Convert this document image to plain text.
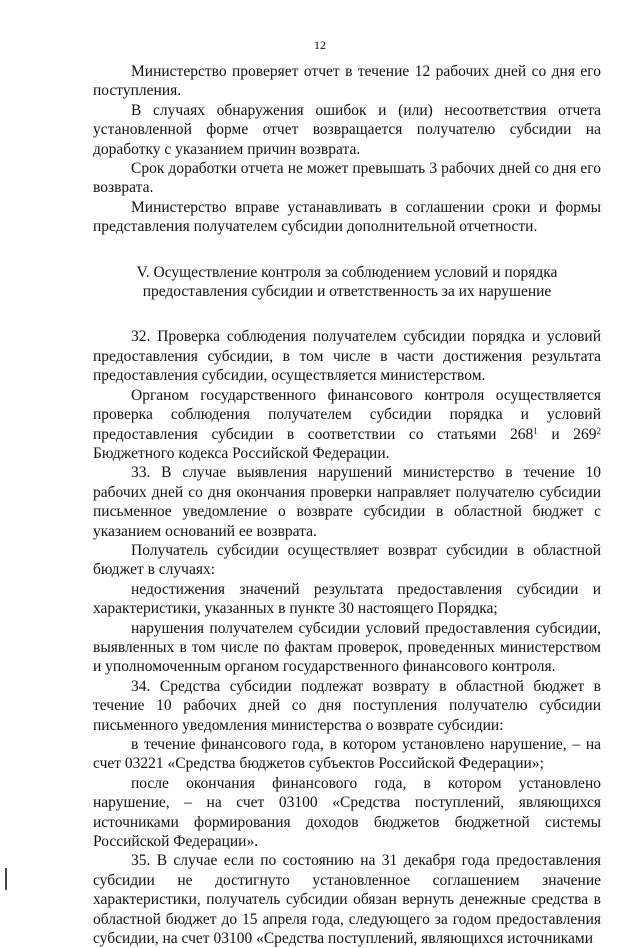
12

Министерство проверяет отчет в течение 12 рабочих дней со дня его поступления.

В случаях обнаружения ошибок и (или) несоответствия отчета установленной форме отчет возвращается получателю субсидии на доработку с указанием причин возврата.

Срок доработки отчета не может превышать 3 рабочих дней со дня его возврата.

Министерство вправе устанавливать в соглашении сроки и формы представления получателем субсидии дополнительной отчетности.

V. Осуществление контроля за соблюдением условий и порядка
предоставления субсидии и ответственность за их нарушение

32. Проверка соблюдения получателем субсидии порядка и условий предоставления субсидии, в том числе в части достижения результата предоставления субсидии, осуществляется министерством.

Органом государственного финансового контроля осуществляется проверка соблюдения получателем субсидии порядка и условий предоставления субсидии в соответствии со статьями $268^1$ и $269^2$ Бюджетного кодекса Российской Федерации.

33. В случае выявления нарушений министерство в течение 10 рабочих дней со дня окончания проверки направляет получателю субсидии письменное уведомление о возврате субсидии в областной бюджет с указанием оснований ее возврата.

Получатель субсидии осуществляет возврат субсидии в областной бюджет в случаях:

недостижения значений результата предоставления субсидии и характеристики, указанных в пункте 30 настоящего Порядка;

нарушения получателем субсидии условий предоставления субсидии, выявленных в том числе по фактам проверок, проведенных министерством и уполномоченным органом государственного финансового контроля.

34. Средства субсидии подлежат возврату в областной бюджет в течение 10 рабочих дней со дня поступления получателю субсидии письменного уведомления министерства о возврате субсидии:

в течение финансового года, в котором установлено нарушение, – на счет 03221 «Средства бюджетов субъектов Российской Федерации»;

после окончания финансового года, в котором установлено нарушение, – на счет 03100 «Средства поступлений, являющихся источниками формирования доходов бюджетов бюджетной системы Российской Федерации».

35. В случае если по состоянию на 31 декабря года предоставления субсидии не достигнуто установленное соглашением значение характеристики, получатель субсидии обязан вернуть денежные средства в областной бюджет до 15 апреля года, следующего за годом предоставления субсидии, на счет 03100 «Средства поступлений, являющихся источниками
